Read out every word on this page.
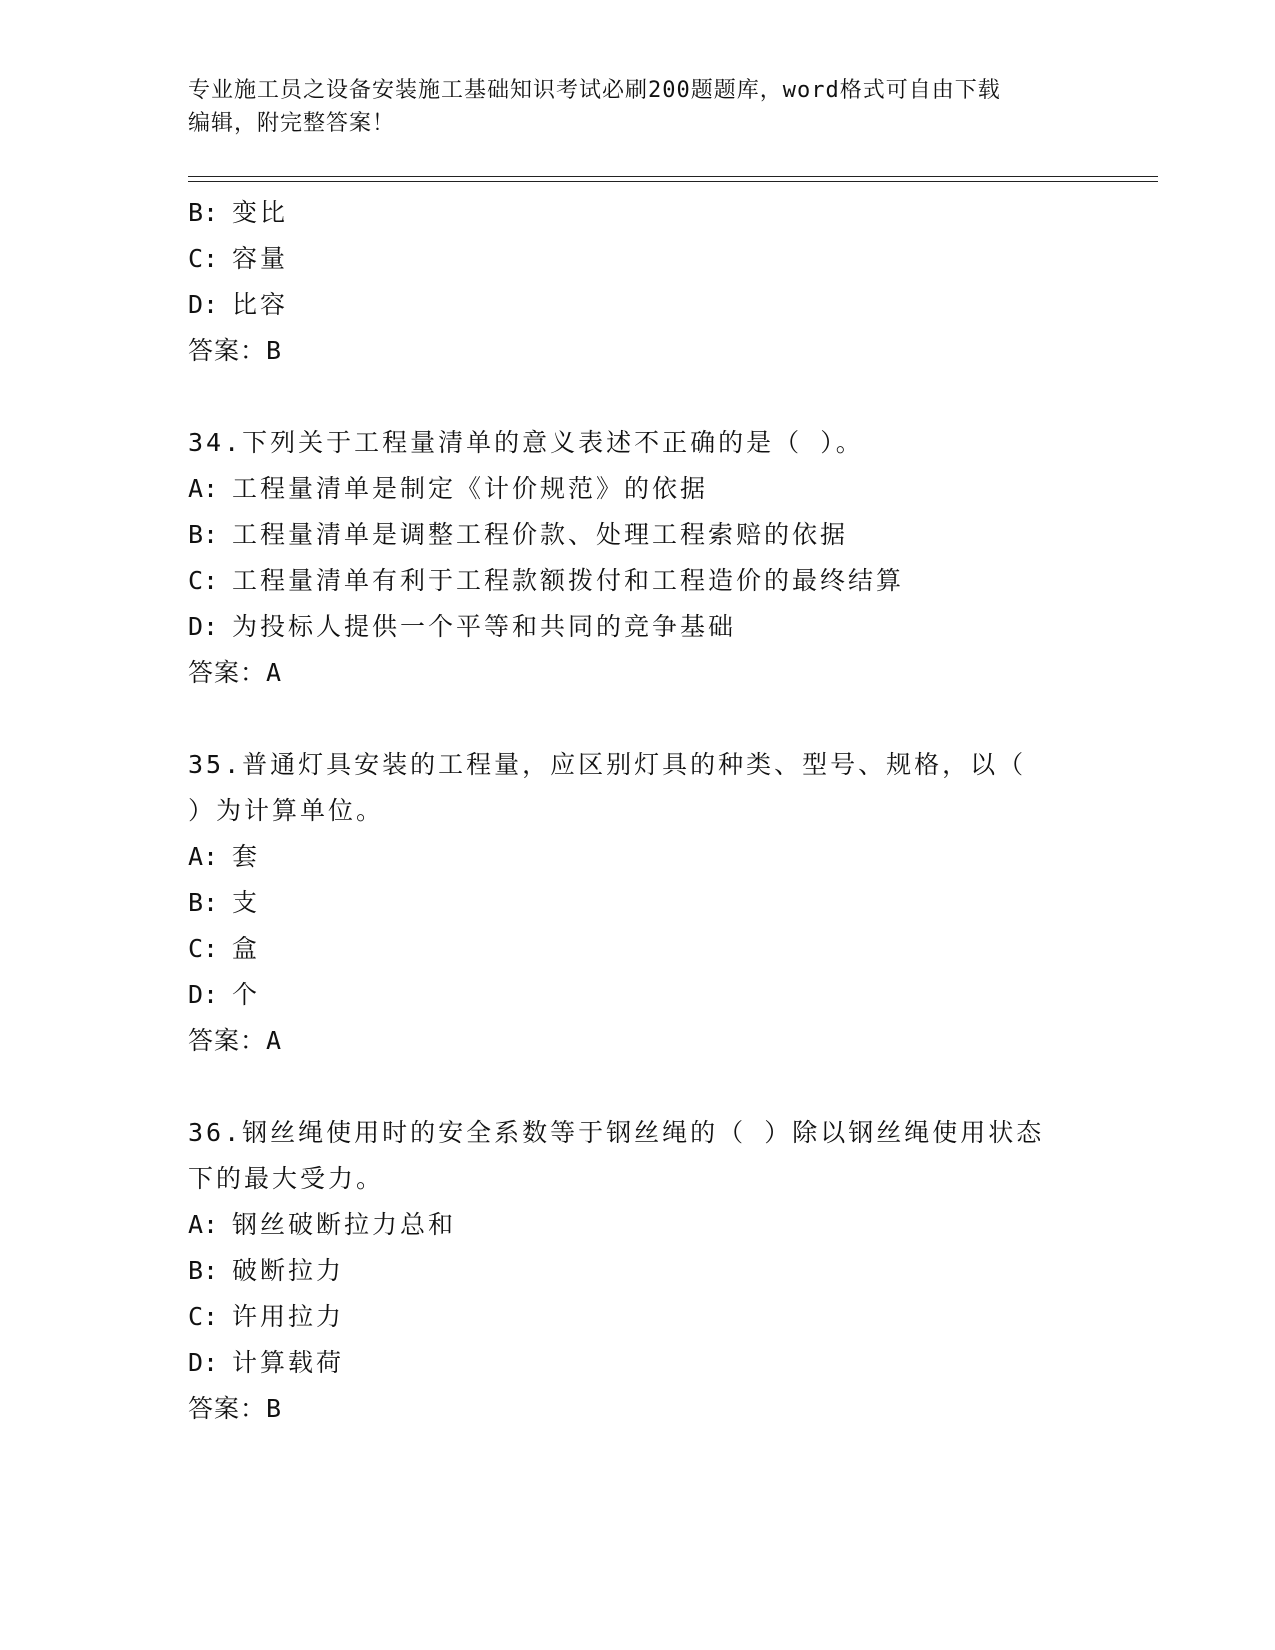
专业施工员之设备安装施工基础知识考试必刷200题题库，word格式可自由下载
编辑，附完整答案！
B: 变比
C: 容量
D: 比容
答案：B
34.下列关于工程量清单的意义表述不正确的是（ ）。
A: 工程量清单是制定《计价规范》的依据
B: 工程量清单是调整工程价款、处理工程索赔的依据
C: 工程量清单有利于工程款额拨付和工程造价的最终结算
D: 为投标人提供一个平等和共同的竞争基础
答案：A
35.普通灯具安装的工程量，应区别灯具的种类、型号、规格，以（
）为计算单位。
A: 套
B: 支
C: 盒
D: 个
答案：A
36.钢丝绳使用时的安全系数等于钢丝绳的（ ）除以钢丝绳使用状态
下的最大受力。
A: 钢丝破断拉力总和
B: 破断拉力
C: 许用拉力
D: 计算载荷
答案：B
